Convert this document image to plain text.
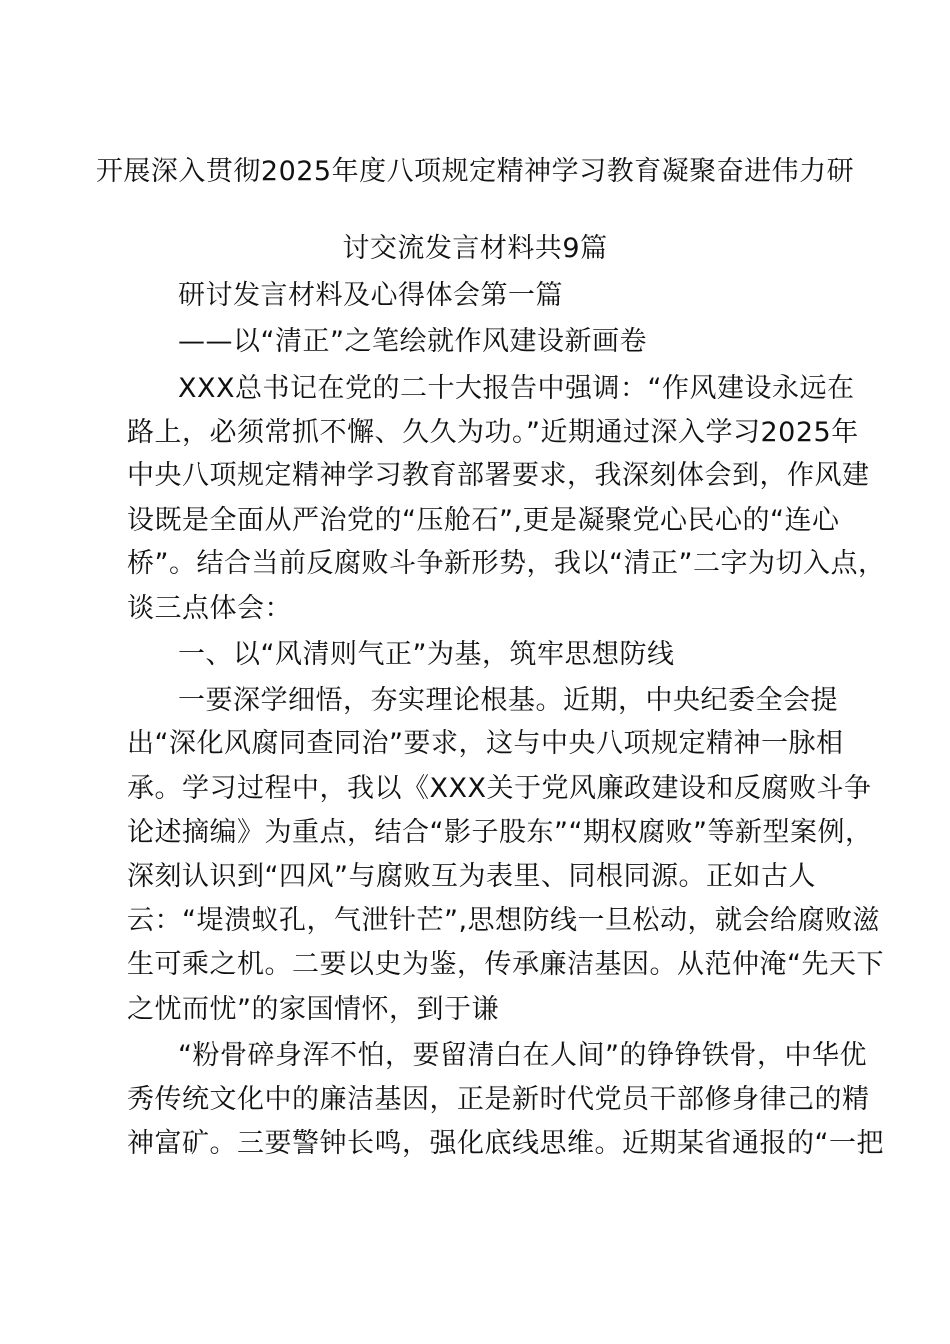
开展深入贯彻2025年度八项规定精神学习教育凝聚奋进伟力研
讨交流发言材料共9篇
研讨发言材料及心得体会第一篇
——以“清正”之笔绘就作风建设新画卷
XXX总书记在党的二十大报告中强调：“作风建设永远在
路上，必须常抓不懈、久久为功。”近期通过深入学习2025年
中央八项规定精神学习教育部署要求，我深刻体会到，作风建
设既是全面从严治党的“压舱石”,更是凝聚党心民心的“连心
桥”。结合当前反腐败斗争新形势，我以“清正”二字为切入点，
谈三点体会：
一、以“风清则气正”为基，筑牢思想防线
一要深学细悟，夯实理论根基。近期，中央纪委全会提
出“深化风腐同查同治”要求，这与中央八项规定精神一脉相
承。学习过程中，我以《XXX关于党风廉政建设和反腐败斗争
论述摘编》为重点，结合“影子股东”“期权腐败”等新型案例，
深刻认识到“四风”与腐败互为表里、同根同源。正如古人
云：“堤溃蚁孔，气泄针芒”,思想防线一旦松动，就会给腐败滋
生可乘之机。二要以史为鉴，传承廉洁基因。从范仲淹“先天下
之忧而忧”的家国情怀，到于谦
“粉骨碎身浑不怕，要留清白在人间”的铮铮铁骨，中华优
秀传统文化中的廉洁基因，正是新时代党员干部修身律己的精
神富矿。三要警钟长鸣，强化底线思维。近期某省通报的“一把
